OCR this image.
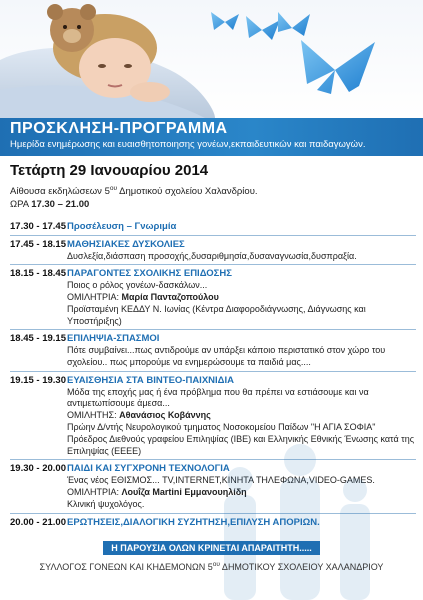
ΠΡΟΣΚΛΗΣΗ-ΠΡΟΓΡΑΜΜΑ
Ημερίδα ενημέρωσης και ευαισθητοποιησης γονέων,εκπαιδευτικών και παιδαγωγών.
Τετάρτη 29 Ιανουαρίου 2014
Αίθουσα εκδηλώσεων $5^{o\upsilon}$ Δημοτικού σχολείου Χαλανδρίου.
ΩΡΑ 17.30 – 21.00
17.30 - 17.45 Προσέλευση – Γνωριμία
17.45 - 18.15 ΜΑΘΗΣΙΑΚΕΣ ΔΥΣΚΟΛΙΕΣ
Δυσλεξία,διάσπαση προσοχής,δυσαριθμησία,δυσαναγνωσία,δυσπραξία.
18.15 - 18.45 ΠΑΡΑΓΟΝΤΕΣ ΣΧΟΛΙΚΗΣ ΕΠΙΔΟΣΗΣ
Ποιος ο ρόλος γονέων-δασκάλων...
ΟΜΙΛΗΤΡΙΑ: Μαρία Πανταζοπούλου
Προϊσταμένη ΚΕΔΔΥ Ν. Ιωνίας (Κέντρα Διαφοροδιάγνωσης, Διάγνωσης και Υποστήριξης)
18.45 - 19.15 ΕΠΙΛΗΨΙΑ-ΣΠΑΣΜΟΙ
Πότε συμβαίνει...πως αντιδρούμε αν υπάρξει κάποιο περιστατικό στον χώρο του σχολείου.. πως μπορούμε να ενημερώσουμε τα παιδιά μας....
19.15 - 19.30 ΕΥΑΙΣΘΗΣΙΑ ΣΤΑ ΒΙΝΤΕΟ-ΠΑΙΧΝΙΔΙΑ
Μόδα της εποχής μας ή ένα πρόβλημα που θα πρέπει να εστιάσουμε και να αντιμετωπίσουμε άμεσα...
ΟΜΙΛΗΤΗΣ: Αθανάσιος Κοβάννης
Πρώην Δ/ντής Νευρολογικού τμηματος Νοσοκομείου Παίδων "Η ΑΓΙΑ ΣΟΦΙΑ"
Πρόεδρος Διεθνούς γραφείου Επιληψίας (IBE) και Ελληνικής Εθνικής Ένωσης κατά της Επιληψίας (ΕΕΕΕ)
19.30 - 20.00 ΠΑΙΔΙ ΚΑΙ ΣΥΓΧΡΟΝΗ ΤΕΧΝΟΛΟΓΙΑ
Ένας νέος ΕΘΙΣΜΟΣ... TV,INTERNET,ΚΙΝΗΤΑ ΤΗΛΕΦΩΝΑ,VIDEO-GAMES.
ΟΜΙΛΗΤΡΙΑ: Λουΐζα Martini Εμμανουηλίδη
Κλινική ψυχολόγος.
20.00 - 21.00 ΕΡΩΤΗΣΕΙΣ,ΔΙΑΛΟΓΙΚΗ ΣΥΖΗΤΗΣΗ,ΕΠΙΛΥΣΗ ΑΠΟΡΙΩΝ.
Η ΠΑΡΟΥΣΙΑ ΟΛΩΝ ΚΡΙΝΕΤΑΙ ΑΠΑΡΑΙΤΗΤΗ.....
ΣΥΛΛΟΓΟΣ ΓΟΝΕΩΝ ΚΑΙ ΚΗΔΕΜΟΝΩΝ $5^{o\upsilon}$ ΔΗΜΟΤΙΚΟΥ ΣΧΟΛΕΙΟΥ ΧΑΛΑΝΔΡΙΟΥ
